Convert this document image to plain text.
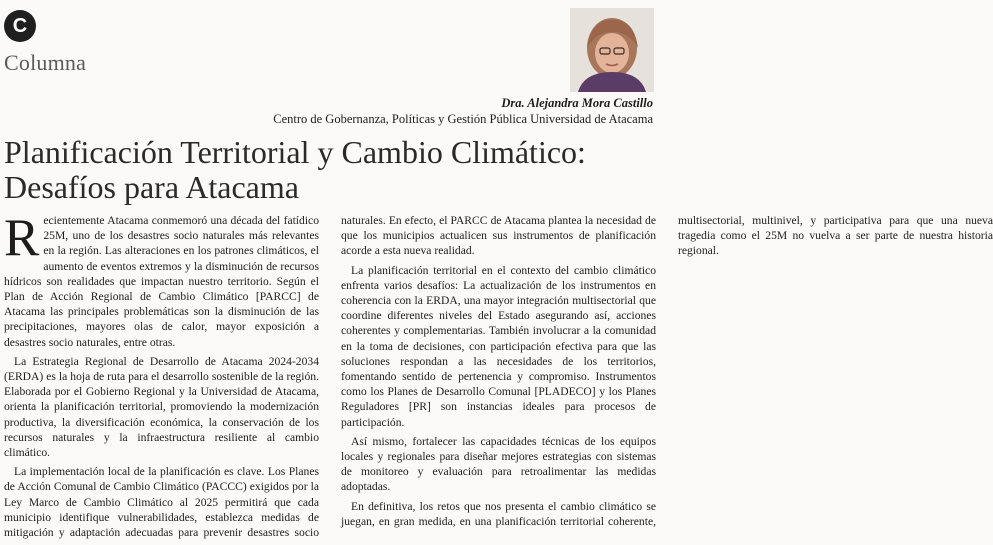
C
Columna
Dra. Alejandra Mora Castillo
Centro de Gobernanza, Políticas y Gestión Pública Universidad de Atacama
Planificación Territorial y Cambio Climático:
Desafíos para Atacama

Recientemente Atacama conmemoró una década del fatídico 25M, uno de los desastres socio naturales más relevantes en la región. Las alteraciones en los patrones climáticos, el aumento de eventos extremos y la disminución de recursos hídricos son realidades que impactan nuestro territorio. Según el Plan de Acción Regional de Cambio Climático [PARCC] de Atacama las principales problemáticas son la disminución de las precipitaciones, mayores olas de calor, mayor exposición a desastres socio naturales, entre otras.

La Estrategia Regional de Desarrollo de Atacama 2024-2034 (ERDA) es la hoja de ruta para el desarrollo sostenible de la región. Elaborada por el Gobierno Regional y la Universidad de Atacama, orienta la planificación territorial, promoviendo la modernización productiva, la diversificación económica, la conservación de los recursos naturales y la infraestructura resiliente al cambio climático.

La implementación local de la planificación es clave. Los Planes de Acción Comunal de Cambio Climático (PACCC) exigidos por la Ley Marco de Cambio Climático al 2025 permitirá que cada municipio identifique vulnerabilidades, establezca medidas de mitigación y adaptación adecuadas para prevenir desastres socio naturales. En efecto, el PARCC de Atacama plantea la necesidad de que los municipios actualicen sus instrumentos de planificación acorde a esta nueva realidad.

La planificación territorial en el contexto del cambio climático enfrenta varios desafíos: La actualización de los instrumentos en coherencia con la ERDA, una mayor integración multisectorial que coordine diferentes niveles del Estado asegurando así, acciones coherentes y complementarias. También involucrar a la comunidad en la toma de decisiones, con participación efectiva para que las soluciones respondan a las necesidades de los territorios, fomentando sentido de pertenencia y compromiso. Instrumentos como los Planes de Desarrollo Comunal [PLADECO] y los Planes Reguladores [PR] son instancias ideales para procesos de participación.

Así mismo, fortalecer las capacidades técnicas de los equipos locales y regionales para diseñar mejores estrategias con sistemas de monitoreo y evaluación para retroalimentar las medidas adoptadas.

En definitiva, los retos que nos presenta el cambio climático se juegan, en gran medida, en una planificación territorial coherente, multisectorial, multinivel, y participativa para que una nueva tragedia como el 25M no vuelva a ser parte de nuestra historia regional.
